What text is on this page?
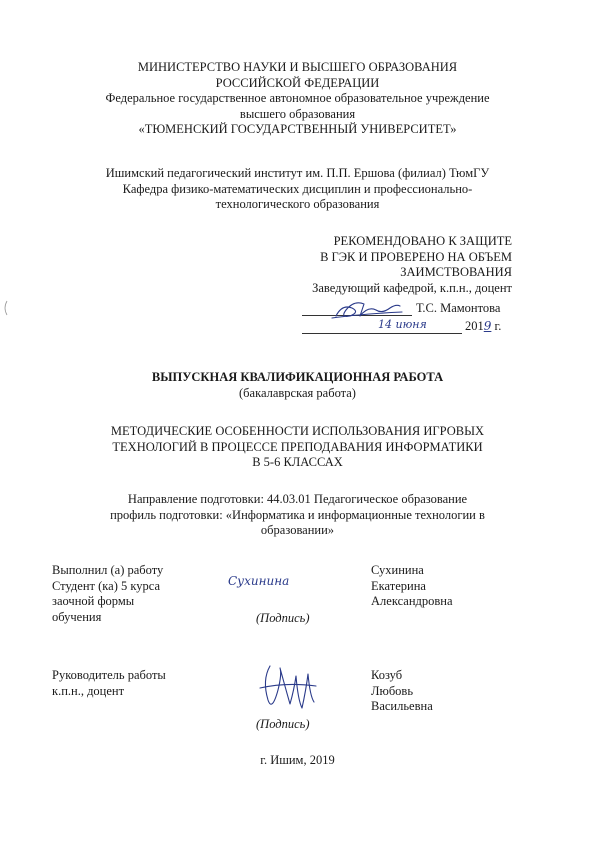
МИНИСТЕРСТВО НАУКИ И ВЫСШЕГО ОБРАЗОВАНИЯ
РОССИЙСКОЙ ФЕДЕРАЦИИ
Федеральное государственное автономное образовательное учреждение
высшего образования
«ТЮМЕНСКИЙ ГОСУДАРСТВЕННЫЙ УНИВЕРСИТЕТ»
Ишимский педагогический институт им. П.П. Ершова (филиал) ТюмГУ
Кафедра физико-математических дисциплин и профессионально-
технологического образования
РЕКОМЕНДОВАНО К ЗАЩИТЕ
В ГЭК И ПРОВЕРЕНО НА ОБЪЕМ
ЗАИМСТВОВАНИЯ
Заведующий кафедрой, к.п.н., доцент
Т.С. Мамонтова
14 июня	2019 г.
ВЫПУСКНАЯ КВАЛИФИКАЦИОННАЯ РАБОТА
(бакалаврская работа)
МЕТОДИЧЕСКИЕ ОСОБЕННОСТИ ИСПОЛЬЗОВАНИЯ ИГРОВЫХ
ТЕХНОЛОГИЙ В ПРОЦЕССЕ ПРЕПОДАВАНИЯ ИНФОРМАТИКИ
В 5-6 КЛАССАХ
Направление подготовки: 44.03.01 Педагогическое образование
профиль подготовки: «Информатика и информационные технологии в
образовании»
Выполнил (а) работу
Студент (ка) 5 курса
заочной формы
обучения
Сухинина
(Подпись)
Сухинина
Екатерина
Александровна
Руководитель работы
к.п.н., доцент
(Подпись)
Козуб
Любовь
Васильевна
г. Ишим, 2019
